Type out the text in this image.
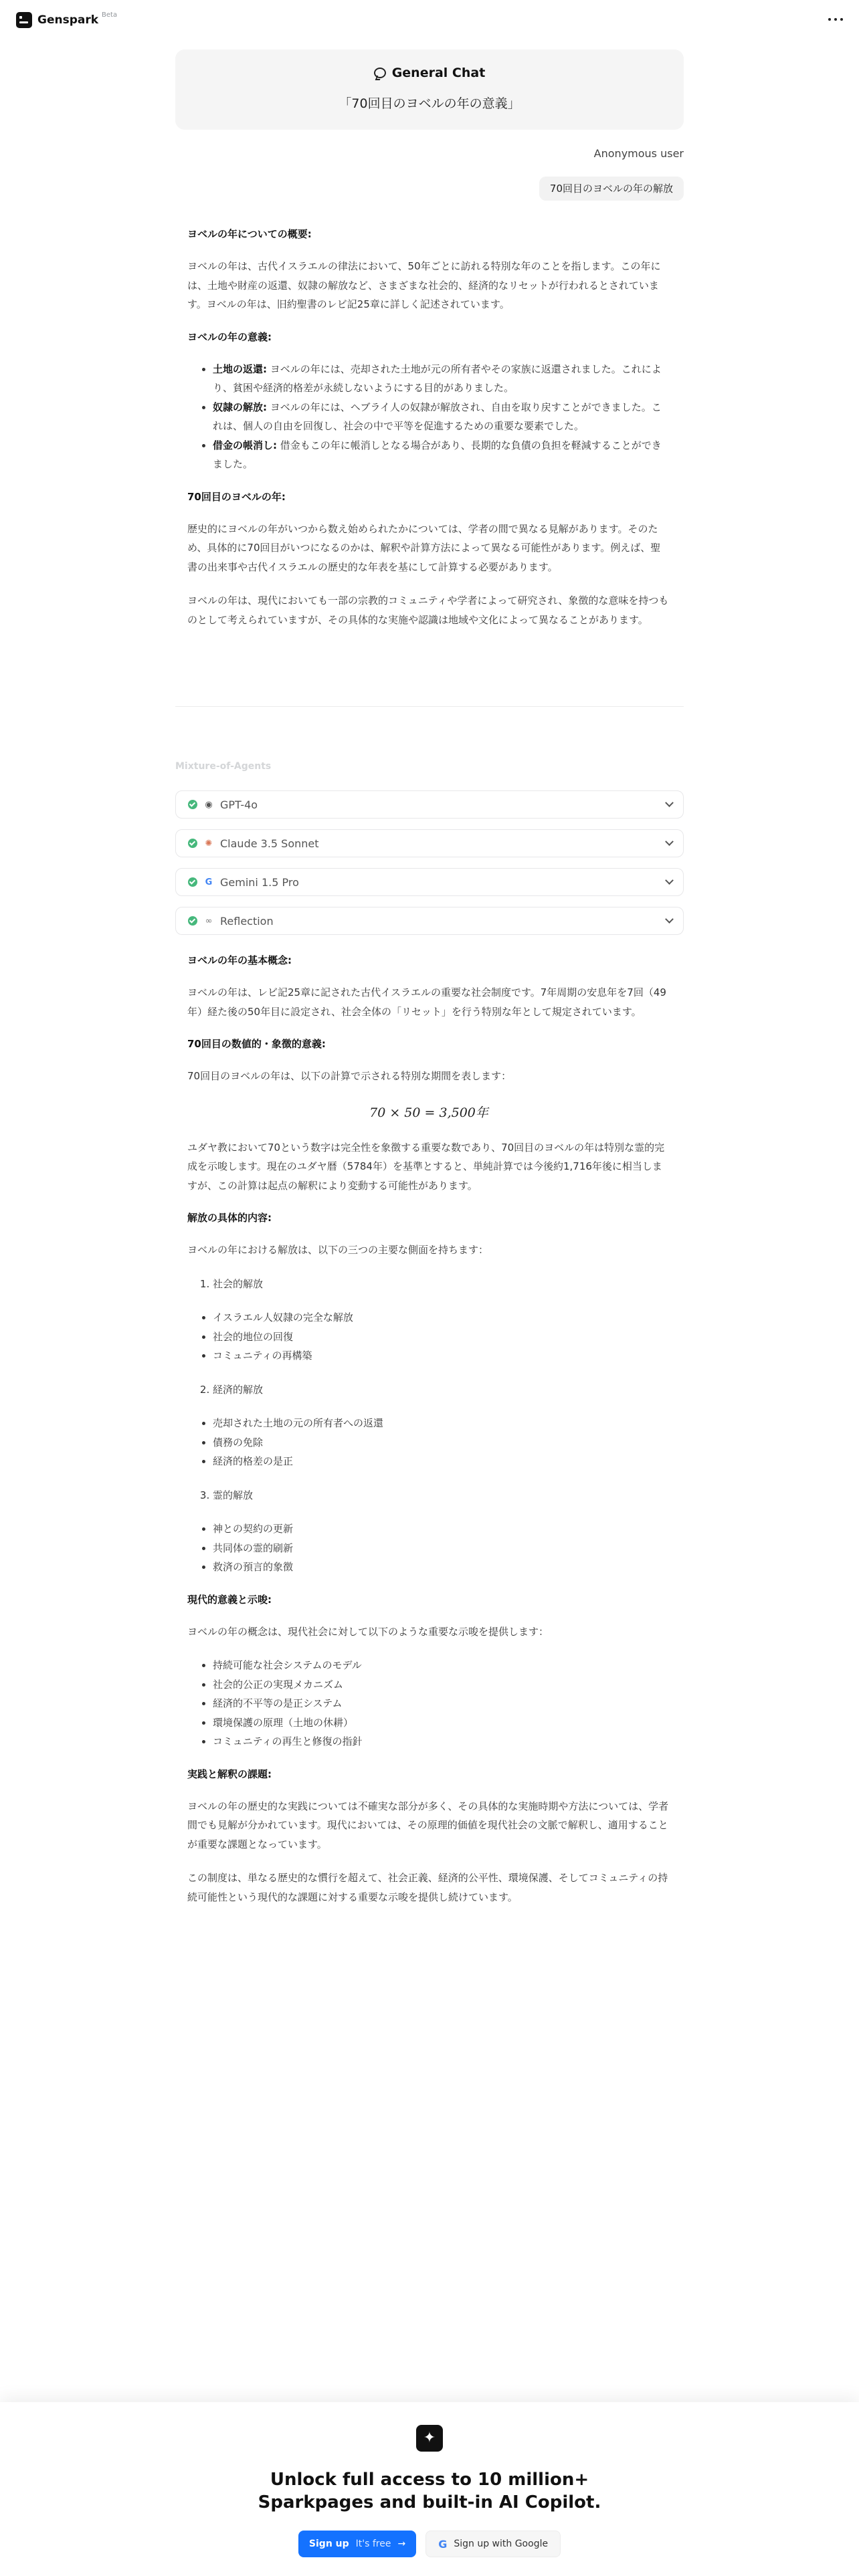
Genspark Beta
General Chat
「70回目のヨベルの年の意義」
Anonymous user
70回目のヨベルの年の解放
ヨベルの年についての概要:

ヨベルの年は、古代イスラエルの律法において、50年ごとに訪れる特別な年のことを指します。この年には、土地や財産の返還、奴隷の解放など、さまざまな社会的、経済的なリセットが行われるとされています。ヨベルの年は、旧約聖書のレビ記25章に詳しく記述されています。

ヨベルの年の意義:
• 土地の返還: ヨベルの年には、売却された土地が元の所有者やその家族に返還されました。これにより、貧困や経済的格差が永続しないようにする目的がありました。
• 奴隷の解放: ヨベルの年には、ヘブライ人の奴隷が解放され、自由を取り戻すことができました。これは、個人の自由を回復し、社会の中で平等を促進するための重要な要素でした。
• 借金の帳消し: 借金もこの年に帳消しとなる場合があり、長期的な負債の負担を軽減することができました。
70回目のヨベルの年:

歴史的にヨベルの年がいつから数え始められたかについては、学者の間で異なる見解があります。そのため、具体的に70回目がいつになるのかは、解釈や計算方法によって異なる可能性があります。例えば、聖書の出来事や古代イスラエルの歴史的な年表を基にして計算する必要があります。

ヨベルの年は、現代においても一部の宗教的コミュニティや学者によって研究され、象徴的な意味を持つものとして考えられていますが、その具体的な実施や認識は地域や文化によって異なることがあります。

Mixture-of-Agents
◉ GPT-4o
✺ Claude 3.5 Sonnet
G Gemini 1.5 Pro
∞ Reflection
ヨベルの年の基本概念:

ヨベルの年は、レビ記25章に記された古代イスラエルの重要な社会制度です。7年周期の安息年を7回（49年）経た後の50年目に設定され、社会全体の「リセット」を行う特別な年として規定されています。

70回目の数値的・象徴的意義:

70回目のヨベルの年は、以下の計算で示される特別な期間を表します：

70 × 50 = 3,500年

ユダヤ教において70という数字は完全性を象徴する重要な数であり、70回目のヨベルの年は特別な霊的完成を示唆します。現在のユダヤ暦（5784年）を基準とすると、単純計算では今後約1,716年後に相当しますが、この計算は起点の解釈により変動する可能性があります。

解放の具体的内容:

ヨベルの年における解放は、以下の三つの主要な側面を持ちます：

1. 社会的解放
• イスラエル人奴隷の完全な解放
• 社会的地位の回復
• コミュニティの再構築
2. 経済的解放
• 売却された土地の元の所有者への返還
• 債務の免除
• 経済的格差の是正
3. 霊的解放
• 神との契約の更新
• 共同体の霊的刷新
• 救済の預言的象徴
現代的意義と示唆:

ヨベルの年の概念は、現代社会に対して以下のような重要な示唆を提供します：

• 持続可能な社会システムのモデル
• 社会的公正の実現メカニズム
• 経済的不平等の是正システム
• 環境保護の原理（土地の休耕）
• コミュニティの再生と修復の指針
実践と解釈の課題:

ヨベルの年の歴史的な実践については不確実な部分が多く、その具体的な実施時期や方法については、学者間でも見解が分かれています。現代においては、その原理的価値を現代社会の文脈で解釈し、適用することが重要な課題となっています。

この制度は、単なる歴史的な慣行を超えて、社会正義、経済的公平性、環境保護、そしてコミュニティの持続可能性という現代的な課題に対する重要な示唆を提供し続けています。

✦
Unlock full access to 10 million+
Sparkpages and built-in AI Copilot.
Sign up It's free →	G Sign up with Google
